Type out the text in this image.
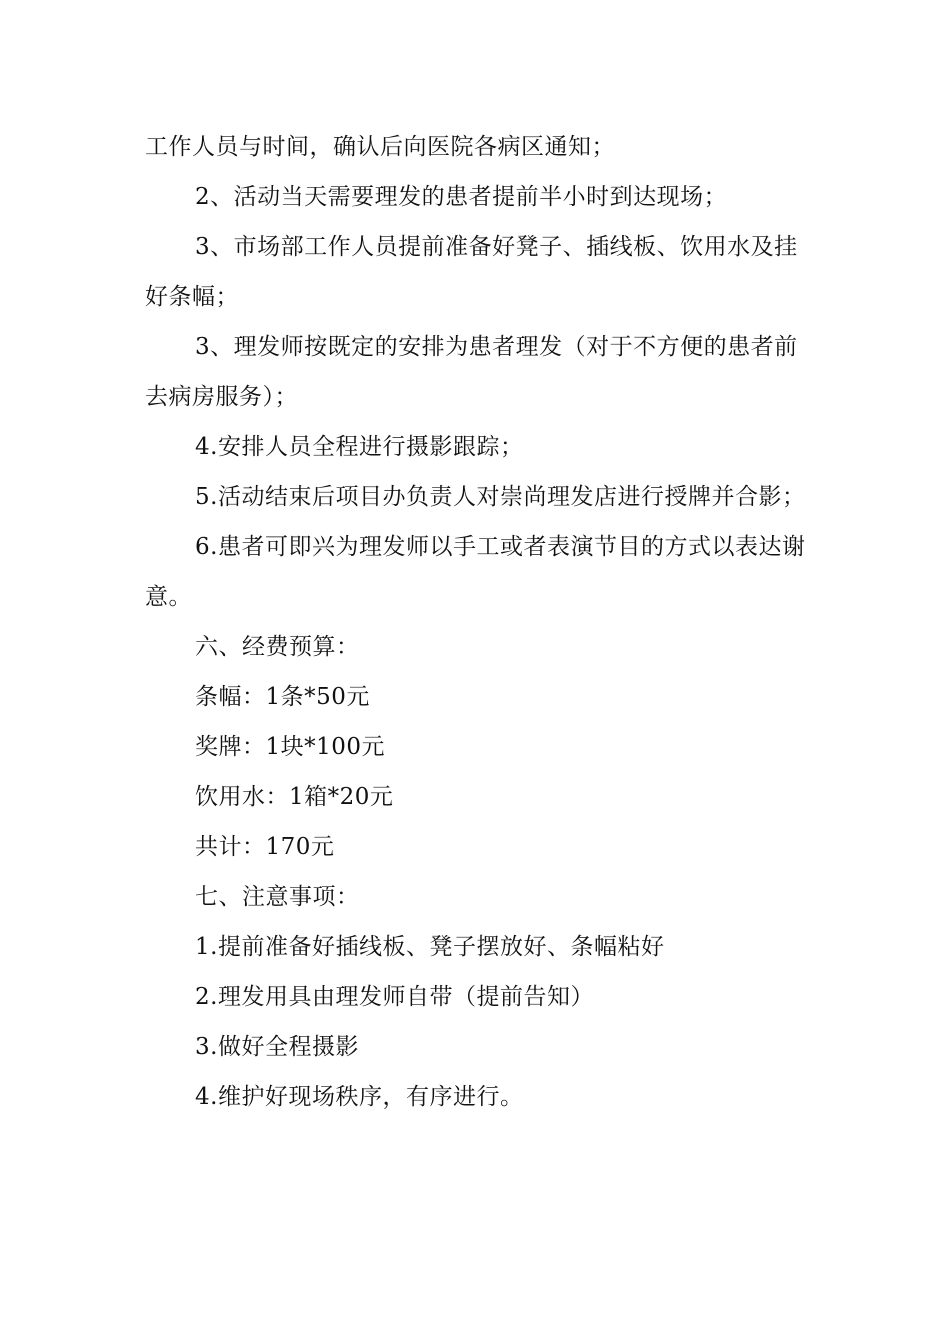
工作人员与时间，确认后向医院各病区通知；

2、活动当天需要理发的患者提前半小时到达现场；

3、市场部工作人员提前准备好凳子、插线板、饮用水及挂好条幅；

3、理发师按既定的安排为患者理发（对于不方便的患者前去病房服务）；

4.安排人员全程进行摄影跟踪；

5.活动结束后项目办负责人对崇尚理发店进行授牌并合影；

6.患者可即兴为理发师以手工或者表演节目的方式以表达谢意。

六、经费预算：

条幅：1条*50元

奖牌：1块*100元

饮用水：1箱*20元

共计：170元

七、注意事项：

1.提前准备好插线板、凳子摆放好、条幅粘好

2.理发用具由理发师自带（提前告知）

3.做好全程摄影

4.维护好现场秩序，有序进行。
